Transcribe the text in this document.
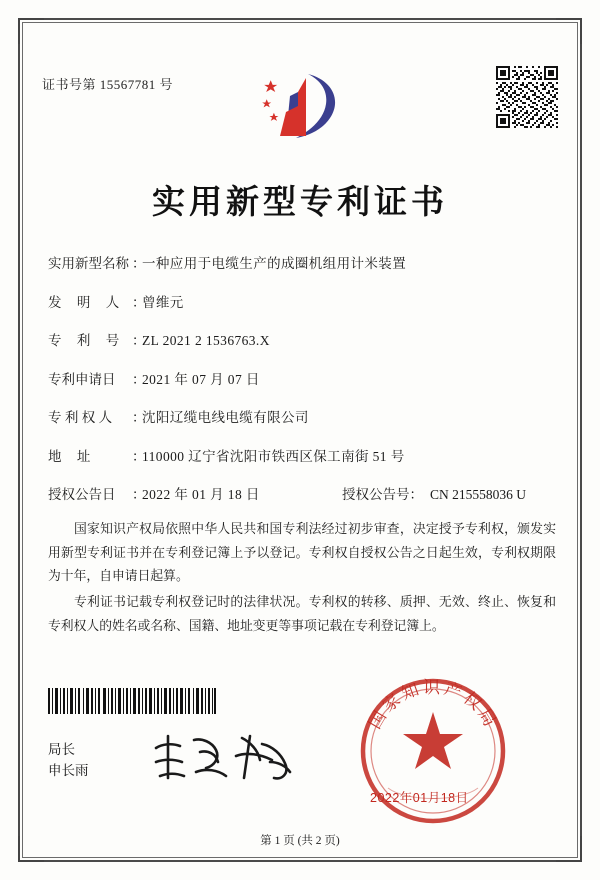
证书号第 15567781 号
实用新型专利证书
实用新型名称 ：
一种应用于电缆生产的成圈机组用计米装置
发 明 人 ：
曾维元
专 利 号 ：
ZL 2021 2 1536763.X
专利申请日	：
2021 年 07 月 07 日
专 利 权 人	：
沈阳辽缆电线电缆有限公司
地 址	：
110000 辽宁省沈阳市铁西区保工南街 51 号
授权公告日	：
2022 年 01 月 18 日	授权公告号： CN 215558036 U

国家知识产权局依照中华人民共和国专利法经过初步审查，决定授予专利权，颁发实用新型专利证书并在专利登记簿上予以登记。专利权自授权公告之日起生效，专利权期限为十年，自申请日起算。

专利证书记载专利权登记时的法律状况。专利权的转移、质押、无效、终止、恢复和专利权人的姓名或名称、国籍、地址变更等事项记载在专利登记簿上。

局长
申长雨
国家知识产权局
2022年01月18日
第 1 页 (共 2 页)
